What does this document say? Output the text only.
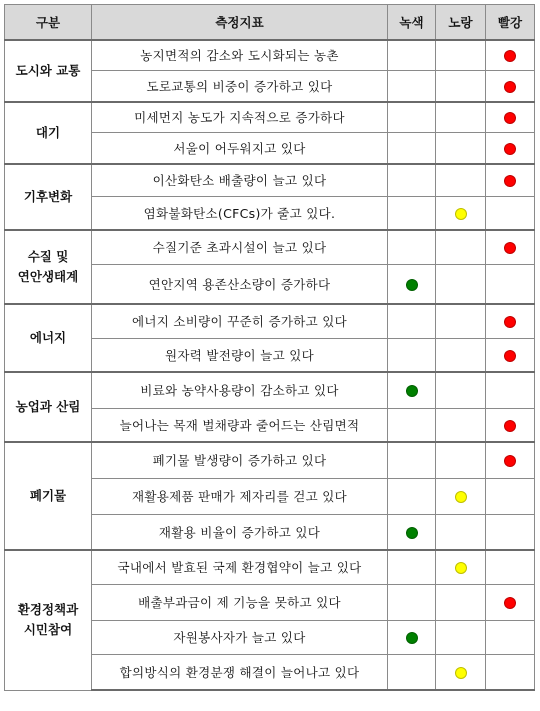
구분	측정지표	녹색	노랑	빨강
도시와 교통	농지면적의 감소와 도시화되는 농촌			
	도로교통의 비중이 증가하고 있다			
대기	미세먼지 농도가 지속적으로 증가하다			
	서울이 어두워지고 있다			
기후변화	이산화탄소 배출량이 늘고 있다			
	염화불화탄소(CFCs)가 줄고 있다.			
수질 및
연안생태계	수질기준 초과시설이 늘고 있다			
	연안지역 용존산소량이 증가하다			
에너지	에너지 소비량이 꾸준히 증가하고 있다			
	원자력 발전량이 늘고 있다			
농업과 산림	비료와 농약사용량이 감소하고 있다			
	늘어나는 목재 벌채량과 줄어드는 산림면적			
폐기물	폐기물 발생량이 증가하고 있다			
	재활용제품 판매가 제자리를 걷고 있다			
	재활용 비율이 증가하고 있다			
환경정책과
시민참여	국내에서 발효된 국제 환경협약이 늘고 있다			
	배출부과금이 제 기능을 못하고 있다			
	자원봉사자가 늘고 있다			
	합의방식의 환경분쟁 해결이 늘어나고 있다			
